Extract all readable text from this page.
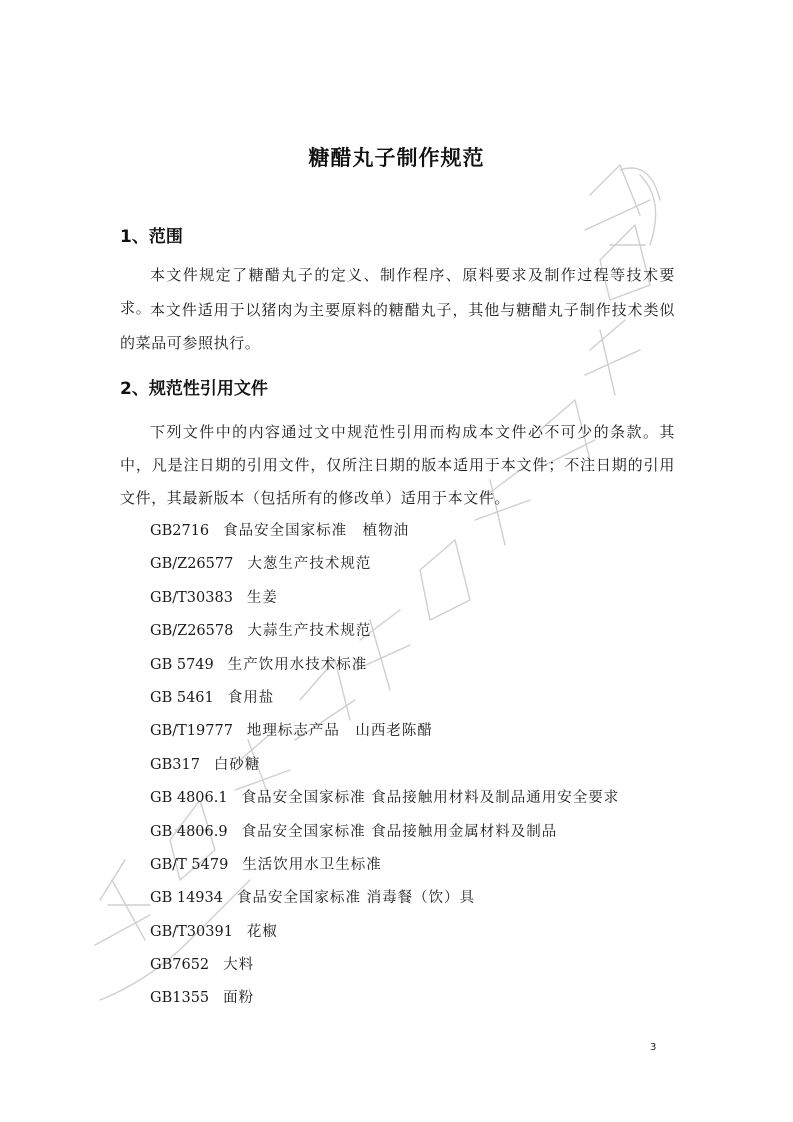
糖醋丸子制作规范
1、范围

本文件规定了糖醋丸子的定义、制作程序、原料要求及制作过程等技术要求。

本文件适用于以猪肉为主要原料的糖醋丸子，其他与糖醋丸子制作技术类似的菜品可参照执行。

2、规范性引用文件

下列文件中的内容通过文中规范性引用而构成本文件必不可少的条款。其中，凡是注日期的引用文件，仅所注日期的版本适用于本文件；不注日期的引用文件，其最新版本（包括所有的修改单）适用于本文件。

GB2716 食品安全国家标准　植物油
GB/Z26577 大葱生产技术规范
GB/T30383 生姜
GB/Z26578 大蒜生产技术规范
GB 5749 生产饮用水技术标准
GB 5461 食用盐
GB/T19777 地理标志产品　山西老陈醋
GB317 白砂糖
GB 4806.1 食品安全国家标准 食品接触用材料及制品通用安全要求
GB 4806.9 食品安全国家标准 食品接触用金属材料及制品
GB/T 5479 生活饮用水卫生标准
GB 14934 食品安全国家标准 消毒餐（饮）具
GB/T30391 花椒
GB7652 大料
GB1355 面粉
3
